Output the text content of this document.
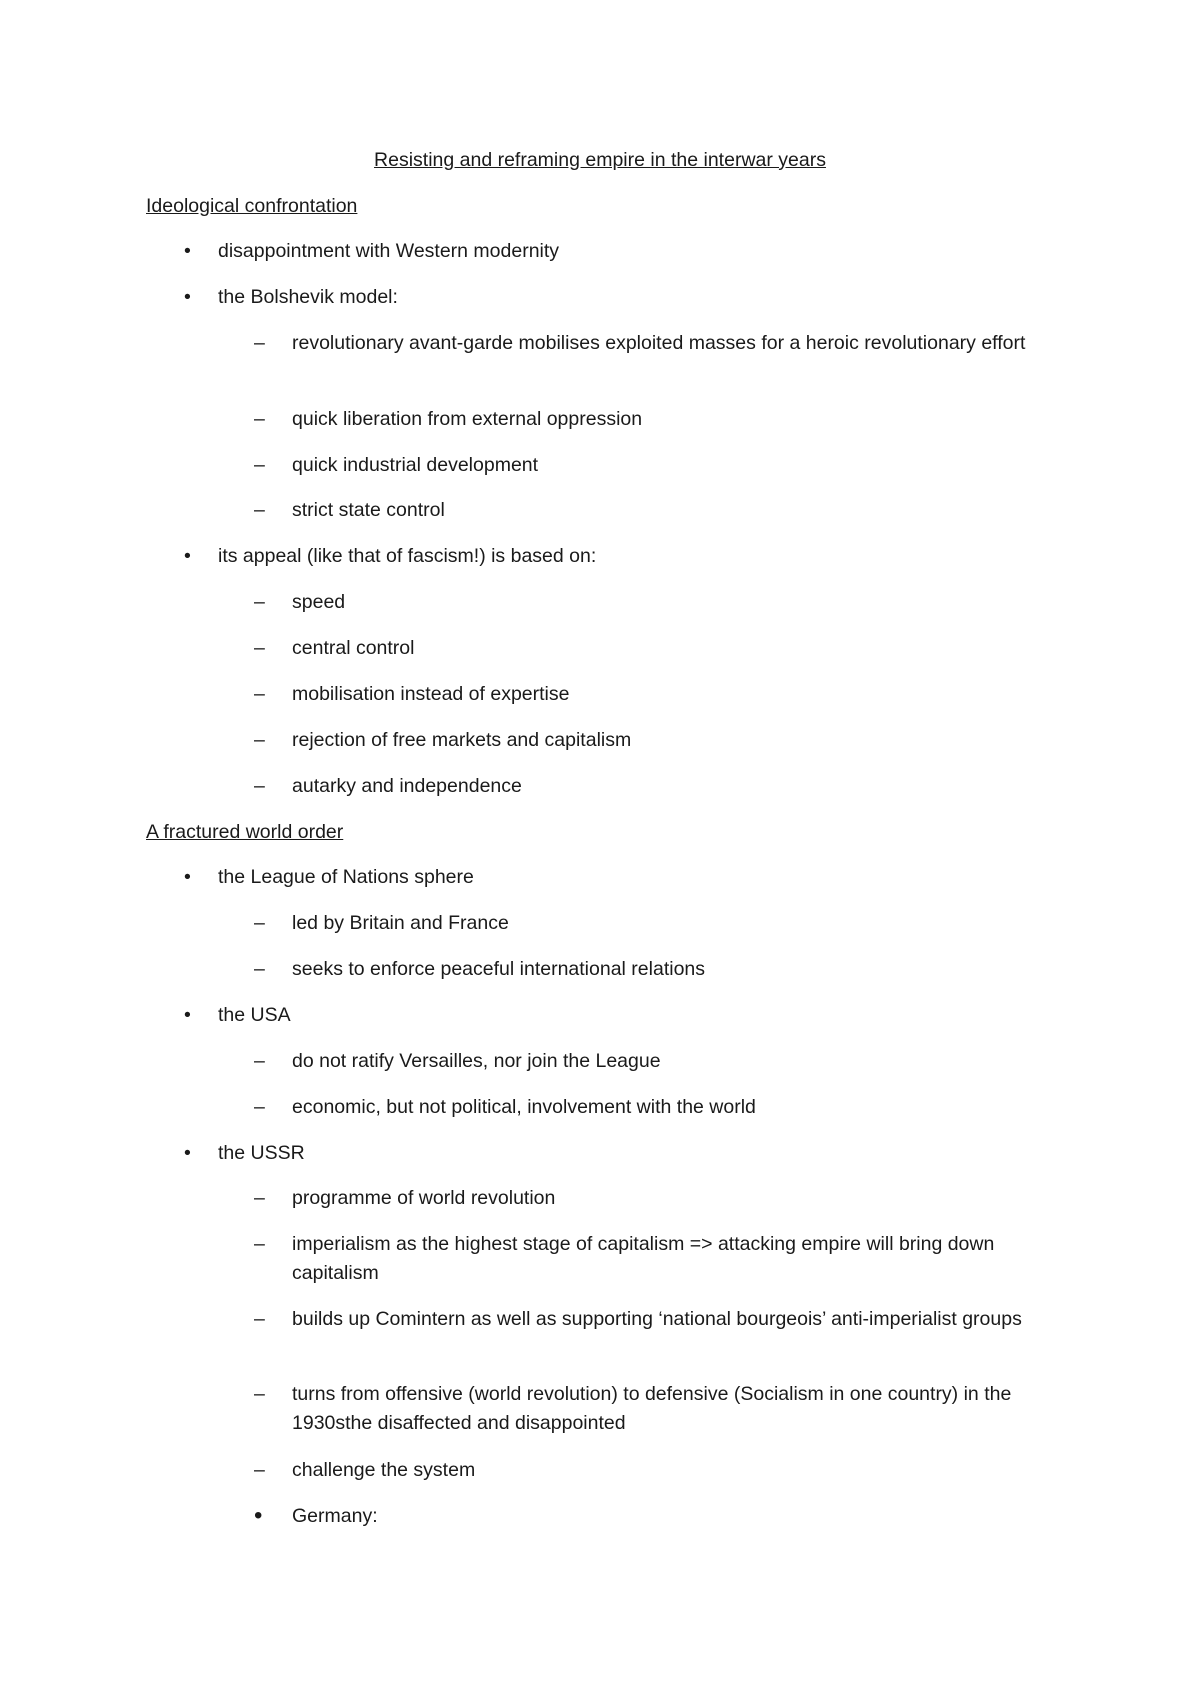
Resisting and reframing empire in the interwar years

Ideological confrontation

• disappointment with Western modernity

• the Bolshevik model:

– revolutionary avant-garde mobilises exploited masses for a heroic revolutionary effort

– quick liberation from external oppression

– quick industrial development

– strict state control

• its appeal (like that of fascism!) is based on:

– speed

– central control

– mobilisation instead of expertise

– rejection of free markets and capitalism

– autarky and independence

A fractured world order

• the League of Nations sphere

– led by Britain and France

– seeks to enforce peaceful international relations

• the USA

– do not ratify Versailles, nor join the League

– economic, but not political, involvement with the world

• the USSR

– programme of world revolution

– imperialism as the highest stage of capitalism => attacking empire will bring down capitalism

– builds up Comintern as well as supporting ‘national bourgeois’ anti-imperialist groups

– turns from offensive (world revolution) to defensive (Socialism in one country) in the 1930sthe disaffected and disappointed

– challenge the system

• Germany:
